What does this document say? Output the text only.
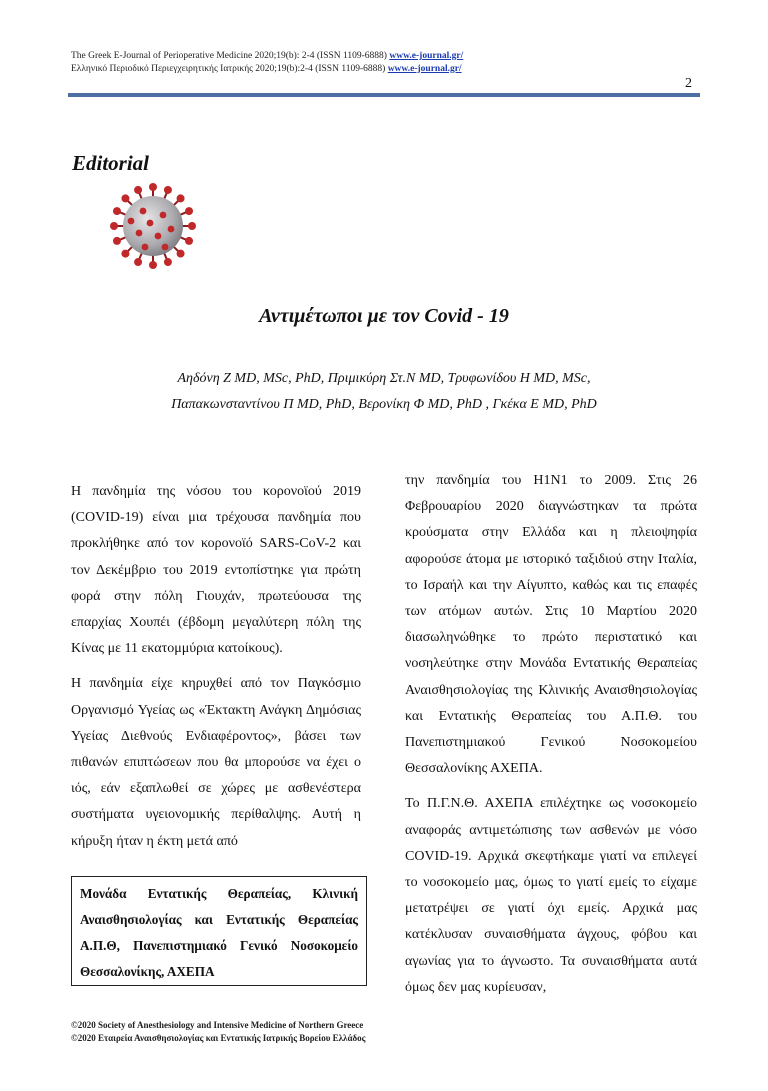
The Greek E-Journal of Perioperative Medicine 2020;19(b): 2-4 (ISSN 1109-6888) www.e-journal.gr/
Ελληνικό Περιοδικό Περιεγχειρητικής Ιατρικής 2020;19(b):2-4 (ISSN 1109-6888) www.e-journal.gr/
2
Editorial
Αντιμέτωποι με τον Covid - 19
Αηδόνη Ζ MD, MSc, PhD, Πριμικύρη Στ.Ν MD, Τρυφωνίδου Η MD, MSc,
Παπακωνσταντίνου Π MD, PhD, Βερονίκη Φ MD, PhD , Γκέκα Ε MD, PhD

Η πανδημία της νόσου του κορονοϊού 2019 (COVID-19) είναι μια τρέχουσα πανδημία που προκλήθηκε από τον κορονοϊό SARS-CoV-2 και τον Δεκέμβριο του 2019 εντοπίστηκε για πρώτη φορά στην πόλη Γιουχάν, πρωτεύουσα της επαρχίας Χουπέι (έβδομη μεγαλύτερη πόλη της Κίνας με 11 εκατομμύρια κατοίκους).

Η πανδημία είχε κηρυχθεί από τον Παγκόσμιο Οργανισμό Υγείας ως «Έκτακτη Ανάγκη Δημόσιας Υγείας Διεθνούς Ενδιαφέροντος», βάσει των πιθανών επιπτώσεων που θα μπορούσε να έχει ο ιός, εάν εξαπλωθεί σε χώρες με ασθενέστερα συστήματα υγειονομικής περίθαλψης. Αυτή η κήρυξη ήταν η έκτη μετά από

την πανδημία του H1N1 το 2009. Στις 26 Φεβρουαρίου 2020 διαγνώστηκαν τα πρώτα κρούσματα στην Ελλάδα και η πλειοψηφία αφορούσε άτομα με ιστορικό ταξιδιού στην Ιταλία, το Ισραήλ και την Αίγυπτο, καθώς και τις επαφές των ατόμων αυτών. Στις 10 Μαρτίου 2020 διασωληνώθηκε το πρώτο περιστατικό και νοσηλεύτηκε στην Μονάδα Εντατικής Θεραπείας Αναισθησιολογίας της Κλινικής Αναισθησιολογίας και Εντατικής Θεραπείας του Α.Π.Θ. του Πανεπιστημιακού Γενικού Νοσοκομείου Θεσσαλονίκης ΑΧΕΠΑ.

Το Π.Γ.Ν.Θ. ΑΧΕΠΑ επιλέχτηκε ως νοσοκομείο αναφοράς αντιμετώπισης των ασθενών με νόσο COVID-19. Αρχικά σκεφτήκαμε γιατί να επιλεγεί το νοσοκομείο μας, όμως το γιατί εμείς το είχαμε μετατρέψει σε γιατί όχι εμείς. Αρχικά μας κατέκλυσαν συναισθήματα άγχους, φόβου και αγωνίας για το άγνωστο. Τα συναισθήματα αυτά όμως δεν μας κυρίευσαν,

Μονάδα Εντατικής Θεραπείας, Κλινική Αναισθησιολογίας και Εντατικής Θεραπείας Α.Π.Θ, Πανεπιστημιακό Γενικό Νοσοκομείο Θεσσαλονίκης, ΑΧΕΠΑ
©2020 Society of Anesthesiology and Intensive Medicine of Northern Greece
©2020 Εταιρεία Αναισθησιολογίας και Εντατικής Ιατρικής Βορείου Ελλάδος
